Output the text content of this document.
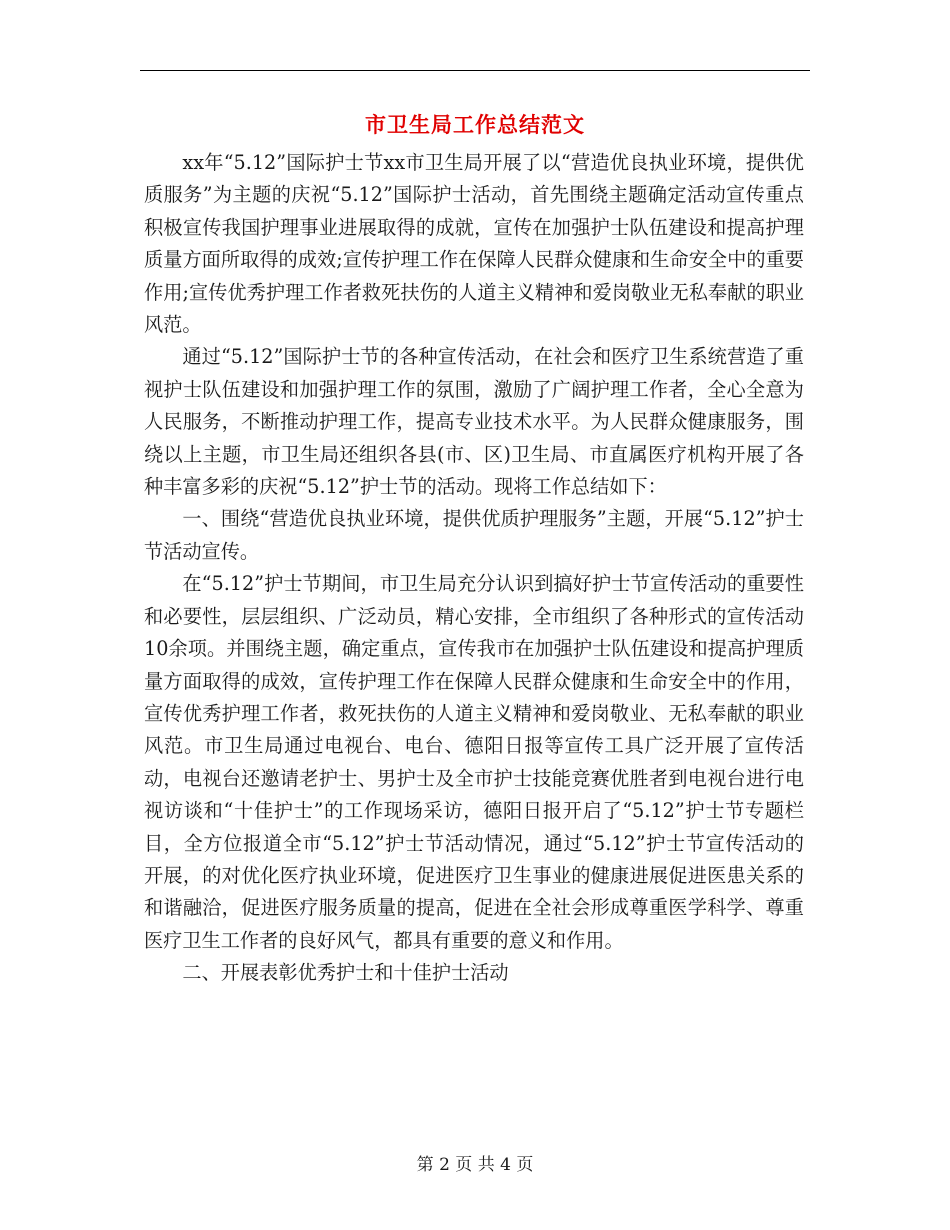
市卫生局工作总结范文

xx年“5.12”国际护士节xx市卫生局开展了以“营造优良执业环境，提供优质服务”为主题的庆祝“5.12”国际护士活动，首先围绕主题确定活动宣传重点积极宣传我国护理事业进展取得的成就，宣传在加强护士队伍建设和提高护理质量方面所取得的成效;宣传护理工作在保障人民群众健康和生命安全中的重要作用;宣传优秀护理工作者救死扶伤的人道主义精神和爱岗敬业无私奉献的职业风范。

通过“5.12”国际护士节的各种宣传活动，在社会和医疗卫生系统营造了重视护士队伍建设和加强护理工作的氛围，激励了广阔护理工作者，全心全意为人民服务，不断推动护理工作，提高专业技术水平。为人民群众健康服务，围绕以上主题，市卫生局还组织各县(市、区)卫生局、市直属医疗机构开展了各种丰富多彩的庆祝“5.12”护士节的活动。现将工作总结如下：

一、围绕“营造优良执业环境，提供优质护理服务”主题，开展“5.12”护士节活动宣传。

在“5.12”护士节期间，市卫生局充分认识到搞好护士节宣传活动的重要性和必要性，层层组织、广泛动员，精心安排，全市组织了各种形式的宣传活动10余项。并围绕主题，确定重点，宣传我市在加强护士队伍建设和提高护理质量方面取得的成效，宣传护理工作在保障人民群众健康和生命安全中的作用，宣传优秀护理工作者，救死扶伤的人道主义精神和爱岗敬业、无私奉献的职业风范。市卫生局通过电视台、电台、德阳日报等宣传工具广泛开展了宣传活动，电视台还邀请老护士、男护士及全市护士技能竞赛优胜者到电视台进行电视访谈和“十佳护士”的工作现场采访，德阳日报开启了“5.12”护士节专题栏目，全方位报道全市“5.12”护士节活动情况，通过“5.12”护士节宣传活动的开展，的对优化医疗执业环境，促进医疗卫生事业的健康进展促进医患关系的和谐融洽，促进医疗服务质量的提高，促进在全社会形成尊重医学科学、尊重医疗卫生工作者的良好风气，都具有重要的意义和作用。

二、开展表彰优秀护士和十佳护士活动

第 2 页 共 4 页
